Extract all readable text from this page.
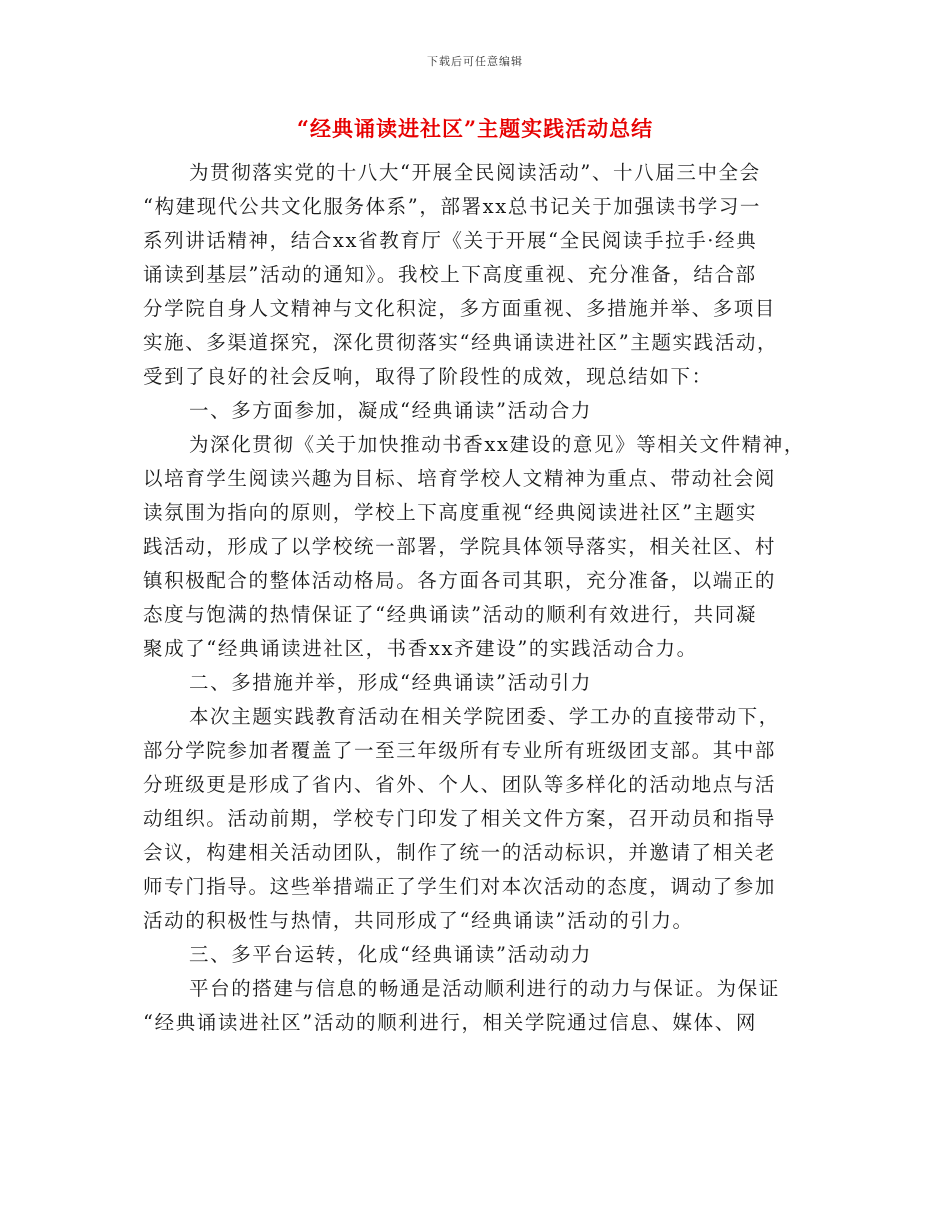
下载后可任意编辑
“经典诵读进社区”主题实践活动总结
为贯彻落实党的十八大“开展全民阅读活动”、十八届三中全会
“构建现代公共文化服务体系”，部署xx总书记关于加强读书学习一
系列讲话精神，结合xx省教育厅《关于开展“全民阅读手拉手·经典
诵读到基层”活动的通知》。我校上下高度重视、充分准备，结合部
分学院自身人文精神与文化积淀，多方面重视、多措施并举、多项目
实施、多渠道探究，深化贯彻落实“经典诵读进社区”主题实践活动，
受到了良好的社会反响，取得了阶段性的成效，现总结如下：
一、多方面参加，凝成“经典诵读”活动合力
为深化贯彻《关于加快推动书香xx建设的意见》等相关文件精神，
以培育学生阅读兴趣为目标、培育学校人文精神为重点、带动社会阅
读氛围为指向的原则，学校上下高度重视“经典阅读进社区”主题实
践活动，形成了以学校统一部署，学院具体领导落实，相关社区、村
镇积极配合的整体活动格局。各方面各司其职，充分准备，以端正的
态度与饱满的热情保证了“经典诵读”活动的顺利有效进行，共同凝
聚成了“经典诵读进社区，书香xx齐建设”的实践活动合力。
二、多措施并举，形成“经典诵读”活动引力
本次主题实践教育活动在相关学院团委、学工办的直接带动下，
部分学院参加者覆盖了一至三年级所有专业所有班级团支部。其中部
分班级更是形成了省内、省外、个人、团队等多样化的活动地点与活
动组织。活动前期，学校专门印发了相关文件方案，召开动员和指导
会议，构建相关活动团队，制作了统一的活动标识，并邀请了相关老
师专门指导。这些举措端正了学生们对本次活动的态度，调动了参加
活动的积极性与热情，共同形成了“经典诵读”活动的引力。
三、多平台运转，化成“经典诵读”活动动力
平台的搭建与信息的畅通是活动顺利进行的动力与保证。为保证
“经典诵读进社区”活动的顺利进行，相关学院通过信息、媒体、网
